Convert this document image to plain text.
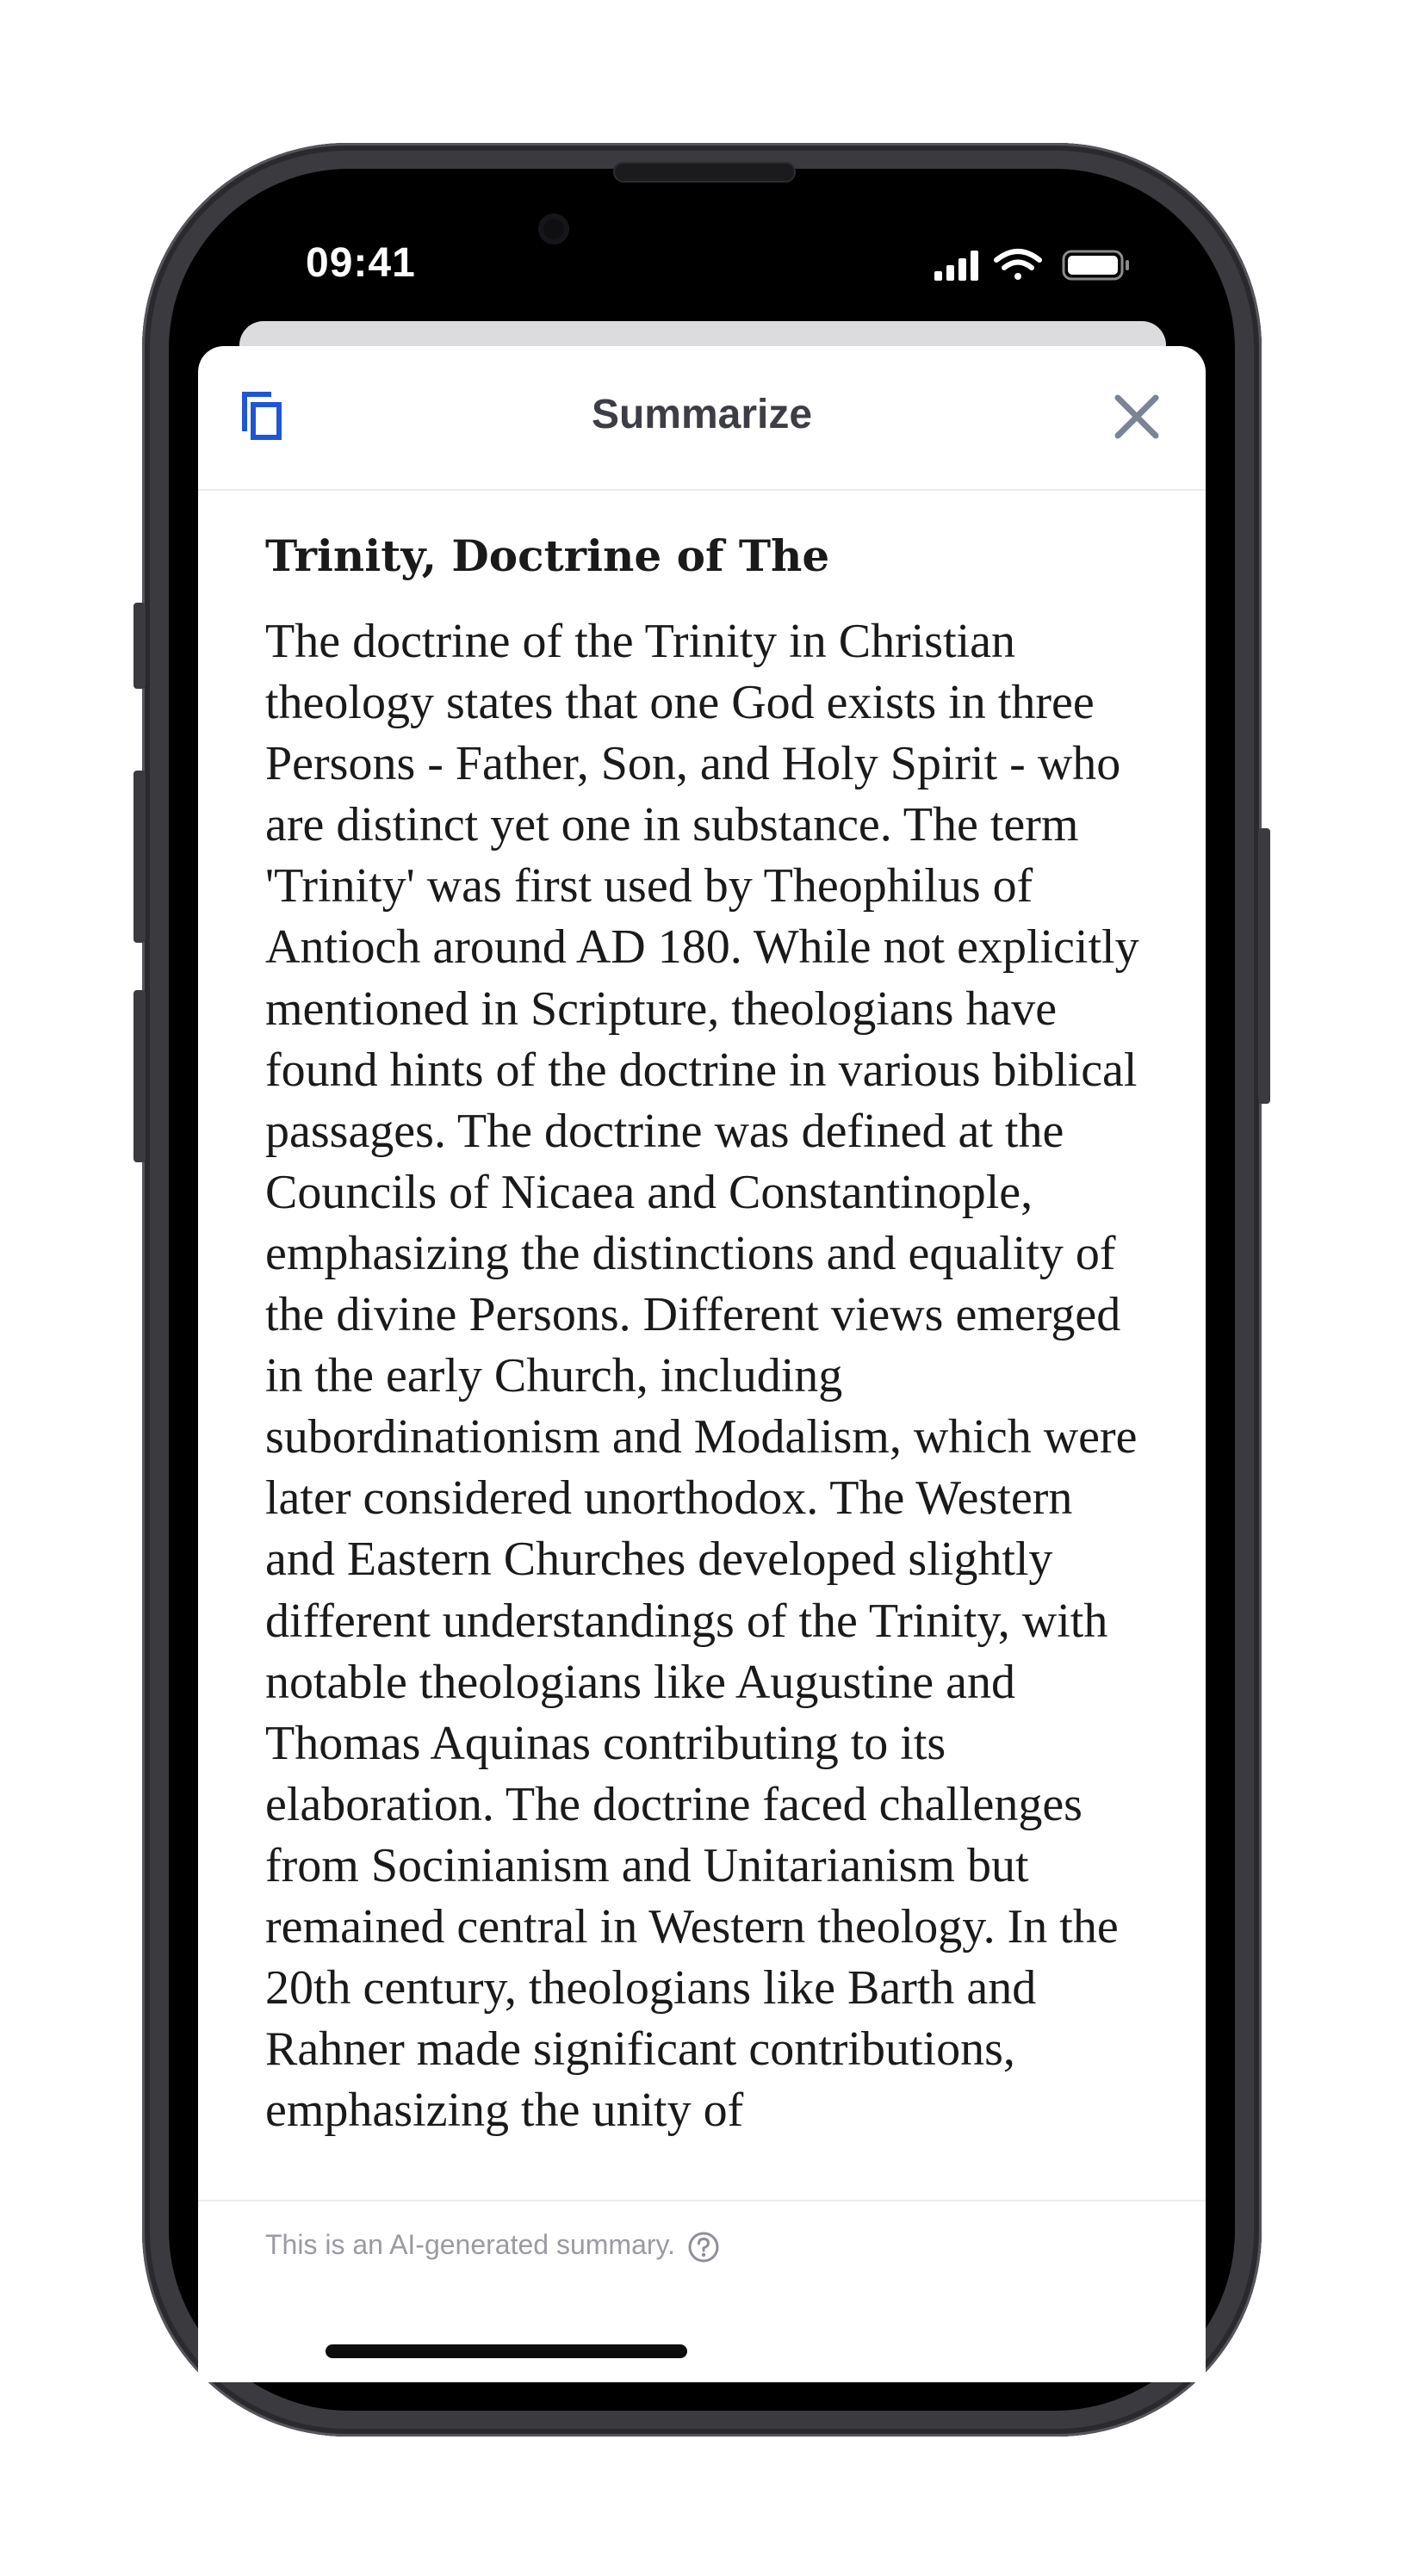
09:41
Summarize
Trinity, Doctrine of The

The doctrine of the Trinity in Christian theology states that one God exists in three Persons - Father, Son, and Holy Spirit - who are distinct yet one in substance. The term 'Trinity' was first used by Theophilus of Antioch around AD 180. While not explicitly mentioned in Scripture, theologians have found hints of the doctrine in various biblical passages. The doctrine was defined at the Councils of Nicaea and Constantinople, emphasizing the distinctions and equality of the divine Persons. Different views emerged in the early Church, including subordinationism and Modalism, which were later considered unorthodox. The Western and Eastern Churches developed slightly different understandings of the Trinity, with notable theologians like Augustine and Thomas Aquinas contributing to its elaboration. The doctrine faced challenges from Socinianism and Unitarianism but remained central in Western theology. In the 20th century, theologians like Barth and Rahner made significant contributions, emphasizing the unity of

This is an AI-generated summary.
